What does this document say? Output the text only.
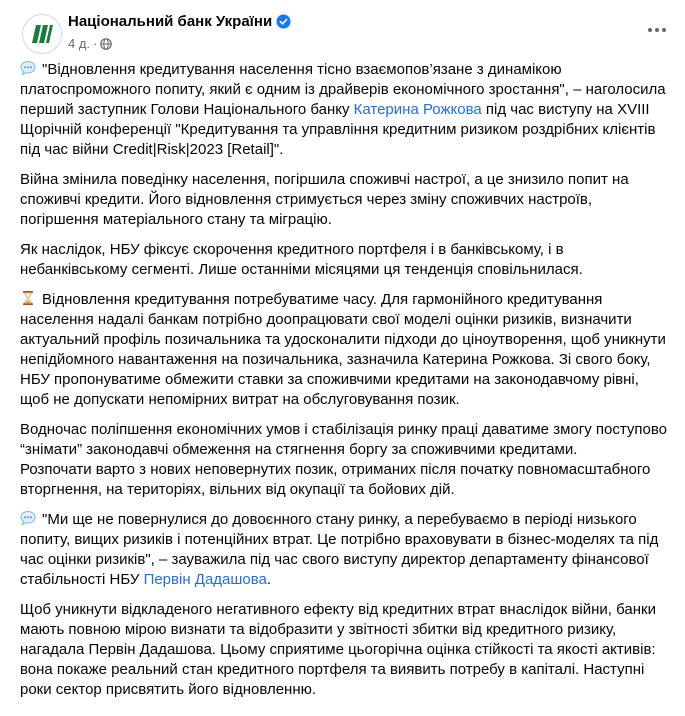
Національний банк України
4 д. ·

"Відновлення кредитування населення тісно взаємопов’язане з динамікою платоспроможного попиту, який є одним із драйверів економічного зростання", – наголосила перший заступник Голови Національного банку Катерина Рожкова під час виступу на XVIII Щорічній конференції "Кредитування та управління кредитним ризиком роздрібних клієнтів під час війни Credit|Risk|2023 [Retail]".

Війна змінила поведінку населення, погіршила споживчі настрої, а це знизило попит на споживчі кредити. Його відновлення стримується через зміну споживчих настроїв, погіршення матеріального стану та міграцію.

Як наслідок, НБУ фіксує скорочення кредитного портфеля і в банківському, і в небанківському сегменті. Лише останніми місяцями ця тенденція сповільнилася.

Відновлення кредитування потребуватиме часу. Для гармонійного кредитування населення надалі банкам потрібно доопрацювати свої моделі оцінки ризиків, визначити актуальний профіль позичальника та удосконалити підходи до ціноутворення, щоб уникнути непідйомного навантаження на позичальника, зазначила Катерина Рожкова. Зі свого боку, НБУ пропонуватиме обмежити ставки за споживчими кредитами на законодавчому рівні, щоб не допускати непомірних витрат на обслуговування позик.

Водночас поліпшення економічних умов і стабілізація ринку праці даватиме змогу поступово “знімати” законодавчі обмеження на стягнення боргу за споживчими кредитами.

Розпочати варто з нових неповернутих позик, отриманих після початку повномасштабного вторгнення, на територіях, вільних від окупації та бойових дій.

"Ми ще не повернулися до довоєнного стану ринку, а перебуваємо в періоді низького попиту, вищих ризиків і потенційних втрат. Це потрібно враховувати в бізнес-моделях та під час оцінки ризиків", – зауважила під час свого виступу директор департаменту фінансової стабільності НБУ Первін Дадашова.

Щоб уникнути відкладеного негативного ефекту від кредитних втрат внаслідок війни, банки мають повною мірою визнати та відобразити у звітності збитки від кредитного ризику, нагадала Первін Дадашова. Цьому сприятиме цьогорічна оцінка стійкості та якості активів: вона покаже реальний стан кредитного портфеля та виявить потребу в капіталі. Наступні роки сектор присвятить його відновленню.
